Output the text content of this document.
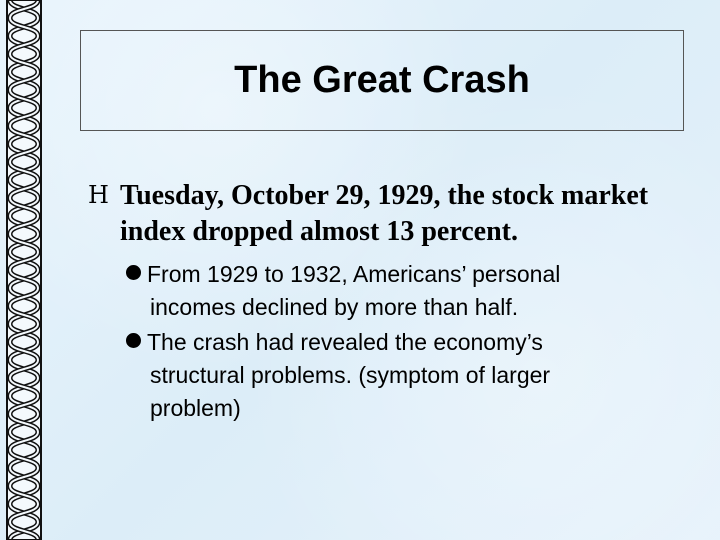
The Great Crash
H Tuesday, October 29, 1929, the stock market index dropped almost 13 percent.

From 1929 to 1932, Americans’ personal
incomes declined by more than half.
The crash had revealed the economy’s
structural problems. (symptom of larger
problem)
